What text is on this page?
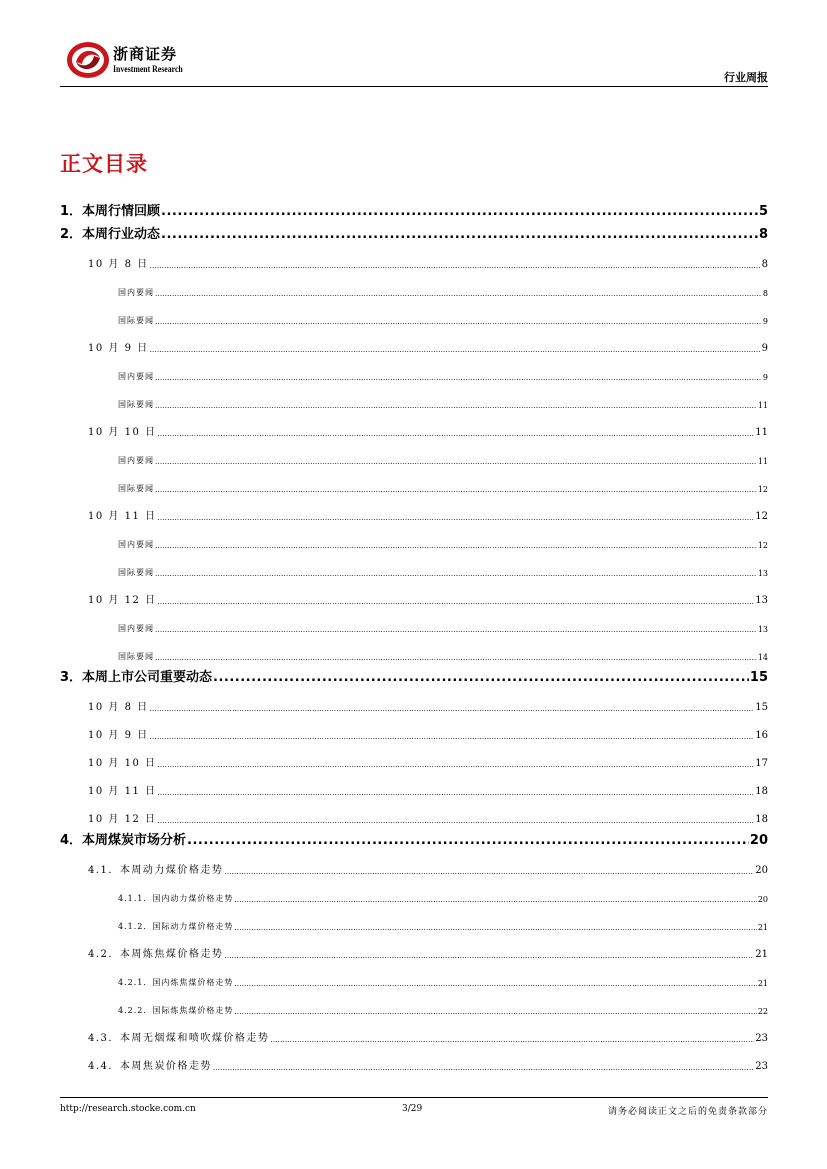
浙商证券
Investment Research
行业周报
正文目录
1．本周行情回顾 .....	5
2．本周行业动态 .....	8
10 月 8 日 .....	8
国内要闻 .....	8
国际要闻 .....	9
10 月 9 日 .....	9
国内要闻 .....	9
国际要闻 .....	11
10 月 10 日 .....	11
国内要闻 .....	11
国际要闻 .....	12
10 月 11 日 .....	12
国内要闻 .....	12
国际要闻 .....	13
10 月 12 日 .....	13
国内要闻 .....	13
国际要闻 .....	14
3．本周上市公司重要动态 .....	15
10 月 8 日 .....	15
10 月 9 日 .....	16
10 月 10 日 .....	17
10 月 11 日 .....	18
10 月 12 日 .....	18
4．本周煤炭市场分析 .....	20
4.1．本周动力煤价格走势 .....	20
4.1.1．国内动力煤价格走势 .....	20
4.1.2．国际动力煤价格走势 .....	21
4.2．本周炼焦煤价格走势 .....	21
4.2.1．国内炼焦煤价格走势 .....	21
4.2.2．国际炼焦煤价格走势 .....	22
4.3．本周无烟煤和喷吹煤价格走势 .....	23
4.4．本周焦炭价格走势 .....	23
http://research.stocke.com.cn	3/29	请务必阅读正文之后的免责条款部分
